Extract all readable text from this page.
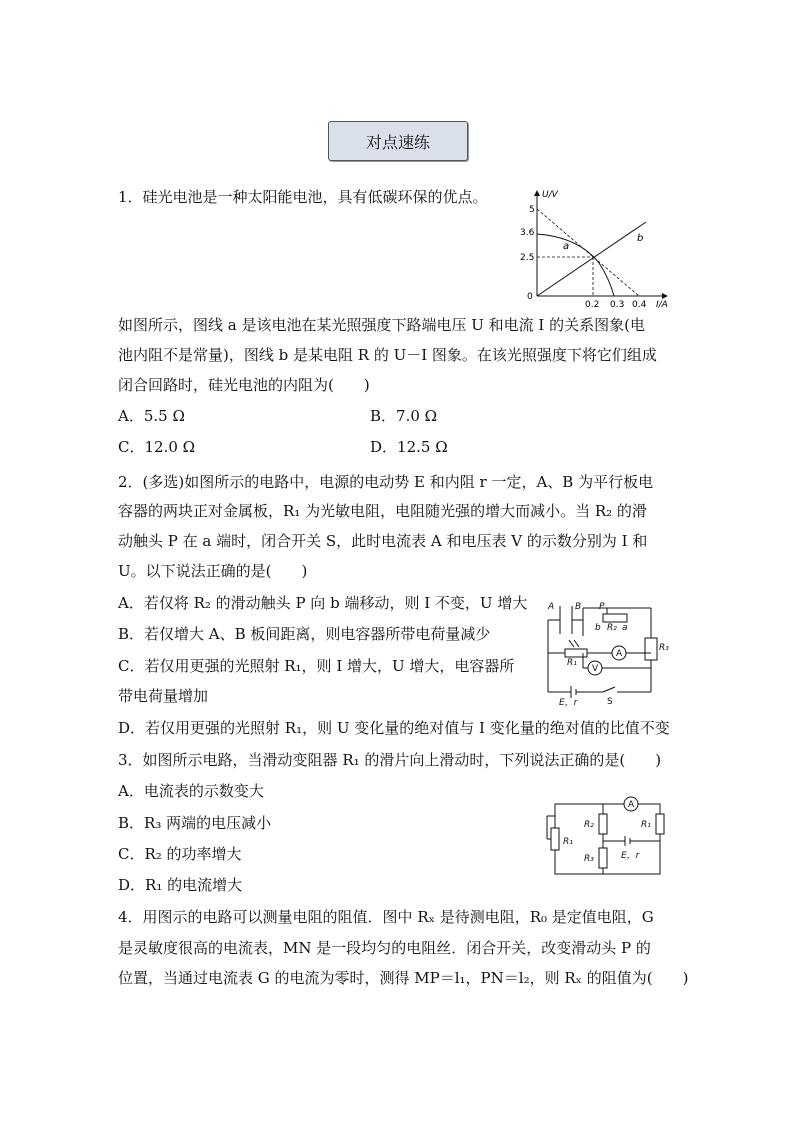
对点速练
1．硅光电池是一种太阳能电池，具有低碳环保的优点。	U/V
I/A
0
5
3.6
2.5
0.2 0.3 0.4
a
b
如图所示，图线 a 是该电池在某光照强度下路端电压 U 和电流 I 的关系图象(电
池内阻不是常量)，图线 b 是某电阻 R 的 U－I 图象。在该光照强度下将它们组成
闭合回路时，硅光电池的内阻为(　　)
A．5.5 Ω	B．7.0 Ω
C．12.0 Ω	D．12.5 Ω
2．(多选)如图所示的电路中，电源的电动势 E 和内阻 r 一定，A、B 为平行板电
容器的两块正对金属板，R₁ 为光敏电阻，电阻随光强的增大而减小。当 R₂ 的滑
动触头 P 在 a 端时，闭合开关 S，此时电流表 A 和电压表 V 的示数分别为 I 和
U。以下说法正确的是(　　)
A．若仅将 R₂ 的滑动触头 P 向 b 端移动，则 I 不变，U 增大
B．若仅增大 A、B 板间距离，则电容器所带电荷量减少
C．若仅用更强的光照射 R₁，则 I 增大，U 增大，电容器所
带电荷量增加
D．若仅用更强的光照射 R₁，则 U 变化量的绝对值与 I 变化量的绝对值的比值不变
A B P
b R₂ a
R₃
R₁
E，r
A
V
S
3．如图所示电路，当滑动变阻器 R₁ 的滑片向上滑动时，下列说法正确的是(　　)
A．电流表的示数变大
B．R₃ 两端的电压减小
C．R₂ 的功率增大
D．R₁ 的电流增大
A
R₁
R₂	R₁
R₃	E，r
4．用图示的电路可以测量电阻的阻值．图中 Rₓ 是待测电阻，R₀ 是定值电阻，G
是灵敏度很高的电流表，MN 是一段均匀的电阻丝．闭合开关，改变滑动头 P 的
位置，当通过电流表 G 的电流为零时，测得 MP＝l₁，PN＝l₂，则 Rₓ 的阻值为(　　)
